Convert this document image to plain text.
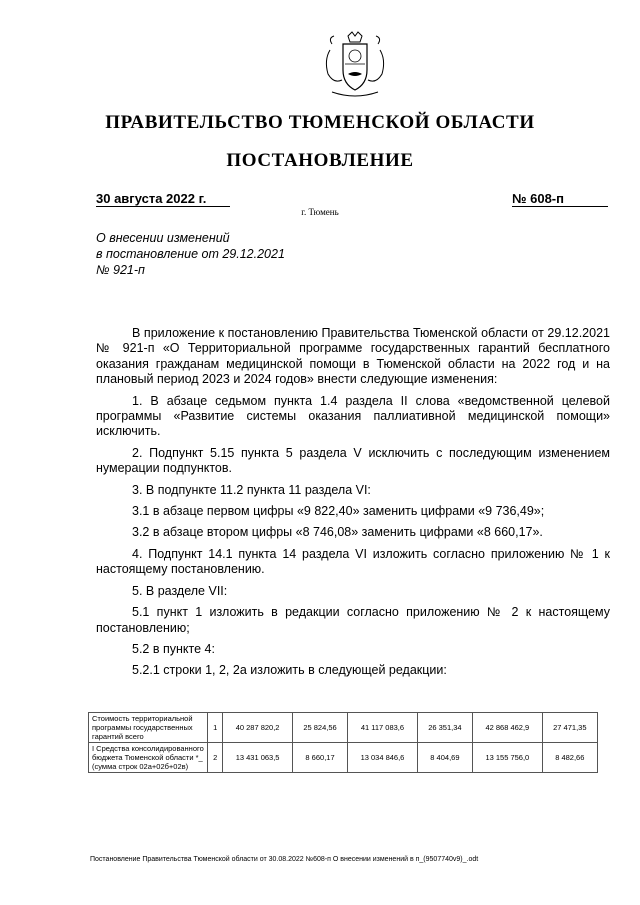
ПРАВИТЕЛЬСТВО ТЮМЕНСКОЙ ОБЛАСТИ
ПОСТАНОВЛЕНИЕ
30 августа 2022 г.	№ 608-п
г. Тюмень
О внесении изменений
в постановление от 29.12.2021
№ 921-п

В приложение к постановлению Правительства Тюменской области от 29.12.2021 № 921-п «О Территориальной программе государственных гарантий бесплатного оказания гражданам медицинской помощи в Тюменской области на 2022 год и на плановый период 2023 и 2024 годов» внести следующие изменения:

1. В абзаце седьмом пункта 1.4 раздела II слова «ведомственной целевой программы «Развитие системы оказания паллиативной медицинской помощи» исключить.

2. Подпункт 5.15 пункта 5 раздела V исключить с последующим изменением нумерации подпунктов.

3. В подпункте 11.2 пункта 11 раздела VI:

3.1 в абзаце первом цифры «9 822,40» заменить цифрами «9 736,49»;

3.2 в абзаце втором цифры «8 746,08» заменить цифрами «8 660,17».

4. Подпункт 14.1 пункта 14 раздела VI изложить согласно приложению № 1 к настоящему постановлению.

5. В разделе VII:

5.1 пункт 1 изложить в редакции согласно приложению № 2 к настоящему постановлению;

5.2 в пункте 4:

5.2.1 строки 1, 2, 2а изложить в следующей редакции:

Стоимость территориальной программы государственных гарантий всего	1	40 287 820,2	25 824,56	41 117 083,6	26 351,34	42 868 462,9	27 471,35
I Средства консолидированного бюджета Тюменской области *_ (сумма строк 02а+02б+02в)	2	13 431 063,5	8 660,17	13 034 846,6	8 404,69	13 155 756,0	8 482,66
Постановление Правительства Тюменской области от 30.08.2022 №608-п О внесении изменений в п_(9507740v9)_.odt
